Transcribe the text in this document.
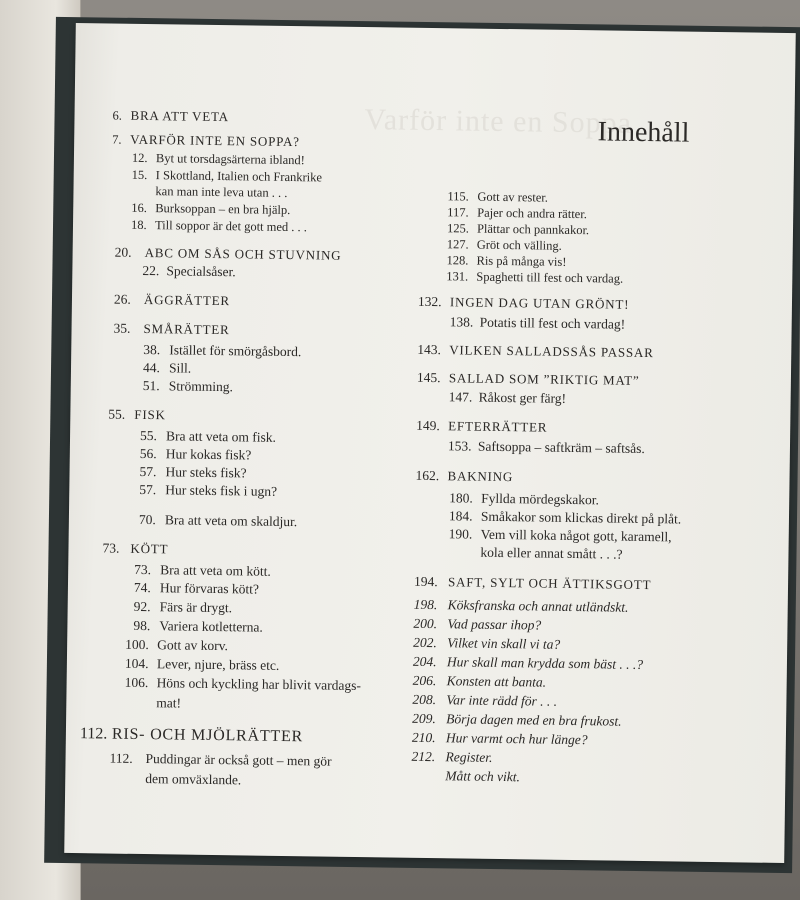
Varför inte en Soppa
Innehåll
6. BRA ATT VETA
7. VARFÖR INTE EN SOPPA?
12. Byt ut torsdagsärterna ibland!
15. I Skottland, Italien och Frankrike
kan man inte leva utan . . .
16. Burksoppan – en bra hjälp.
18. Till soppor är det gott med . . .
20. ABC OM SÅS OCH STUVNING
22. Specialsåser.
26. ÄGGRÄTTER
35. SMÅRÄTTER
38. Istället för smörgåsbord.
44. Sill.
51. Strömming.
55. FISK
55. Bra att veta om fisk.
56. Hur kokas fisk?
57. Hur steks fisk?
57. Hur steks fisk i ugn?
70. Bra att veta om skaldjur.
73. KÖTT
73. Bra att veta om kött.
74. Hur förvaras kött?
92. Färs är drygt.
98. Variera kotletterna.
100. Gott av korv.
104. Lever, njure, bräss etc.
106. Höns och kyckling har blivit vardags-
mat!
112. RIS- OCH MJÖLRÄTTER
112. Puddingar är också gott – men gör
dem omväxlande.
115. Gott av rester.
117. Pajer och andra rätter.
125. Plättar och pannkakor.
127. Gröt och välling.
128. Ris på många vis!
131. Spaghetti till fest och vardag.
132. INGEN DAG UTAN GRÖNT!
138. Potatis till fest och vardag!
143. VILKEN SALLADSSÅS PASSAR
145. SALLAD SOM ”RIKTIG MAT”
147. Råkost ger färg!
149. EFTERRÄTTER
153. Saftsoppa – saftkräm – saftsås.
162. BAKNING
180. Fyllda mördegskakor.
184. Småkakor som klickas direkt på plåt.
190. Vem vill koka något gott, karamell,
kola eller annat smått . . .?
194. SAFT, SYLT OCH ÄTTIKSGOTT
198. Köksfranska och annat utländskt.
200. Vad passar ihop?
202. Vilket vin skall vi ta?
204. Hur skall man krydda som bäst . . .?
206. Konsten att banta.
208. Var inte rädd för . . .
209. Börja dagen med en bra frukost.
210. Hur varmt och hur länge?
212. Register.
Mått och vikt.
